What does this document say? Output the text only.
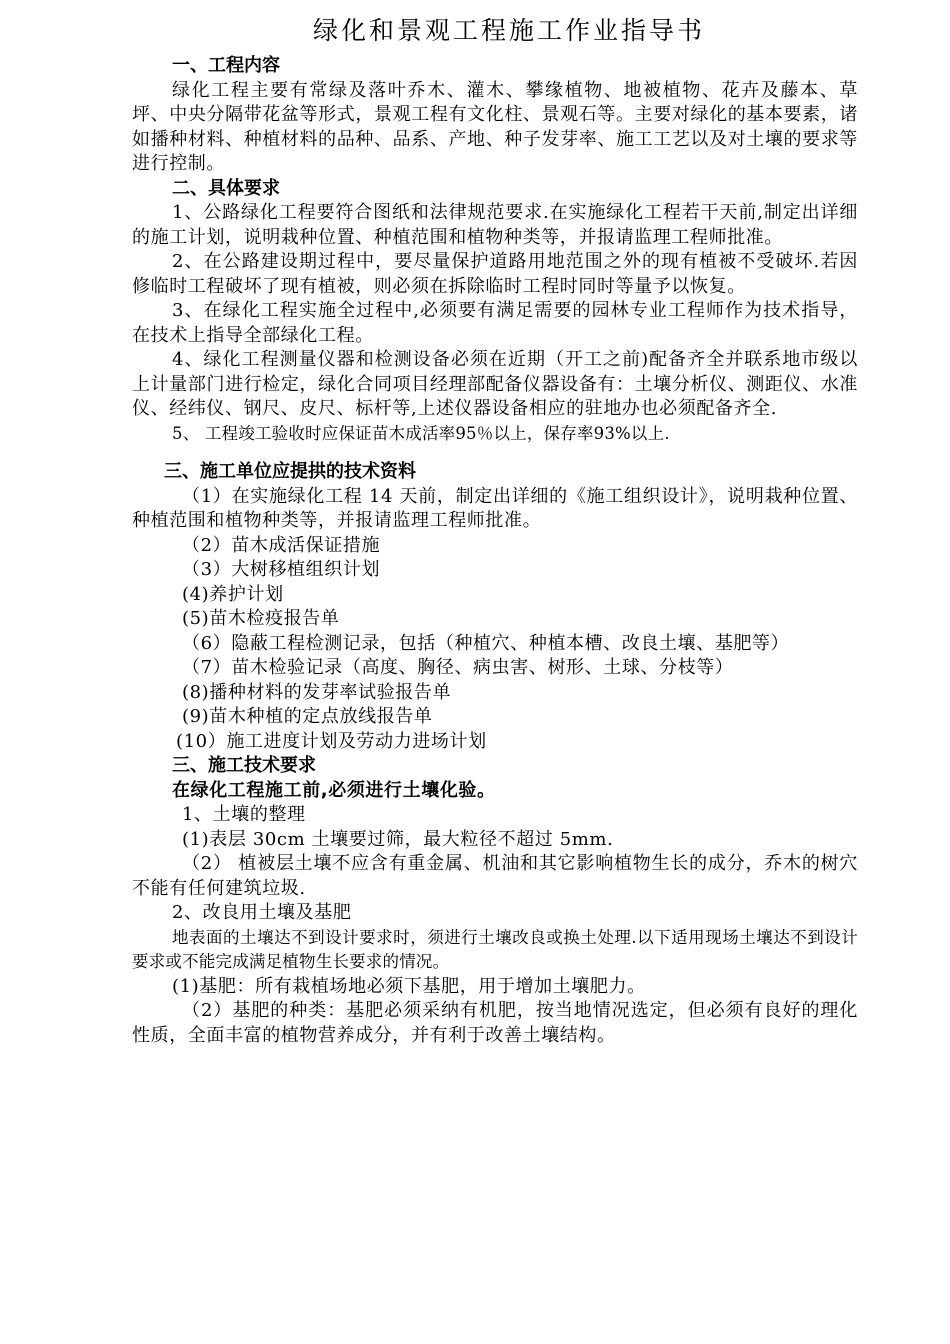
绿化和景观工程施工作业指导书
一、工程内容

绿化工程主要有常绿及落叶乔木、灌木、攀缘植物、地被植物、花卉及藤本、草坪、中央分隔带花盆等形式，景观工程有文化柱、景观石等。主要对绿化的基本要素，诸如播种材料、种植材料的品种、品系、产地、种子发芽率、施工工艺以及对土壤的要求等进行控制。

二、具体要求

1、公路绿化工程要符合图纸和法律规范要求.在实施绿化工程若干天前,制定出详细的施工计划，说明栽种位置、种植范围和植物种类等，并报请监理工程师批准。

2、在公路建设期过程中，要尽量保护道路用地范围之外的现有植被不受破坏.若因修临时工程破坏了现有植被，则必须在拆除临时工程时同时等量予以恢复。

3、在绿化工程实施全过程中,必须要有满足需要的园林专业工程师作为技术指导，在技术上指导全部绿化工程。

4、绿化工程测量仪器和检测设备必须在近期（开工之前)配备齐全并联系地市级以上计量部门进行检定，绿化合同项目经理部配备仪器设备有：土壤分析仪、测距仪、水准仪、经纬仪、钢尺、皮尺、标杆等,上述仪器设备相应的驻地办也必须配备齐全.

5、 工程竣工验收时应保证苗木成活率95％以上，保存率93%以上.

三、施工单位应提拱的技术资料

（1）在实施绿化工程 14 天前，制定出详细的《施工组织设计》，说明栽种位置、种植范围和植物种类等，并报请监理工程师批准。

（2）苗木成活保证措施

（3）大树移植组织计划

(4)养护计划

(5)苗木检疫报告单

（6）隐蔽工程检测记录，包括（种植穴、种植本槽、改良土壤、基肥等）

（7）苗木检验记录（高度、胸径、病虫害、树形、土球、分枝等）

(8)播种材料的发芽率试验报告单

(9)苗木种植的定点放线报告单

(10）施工进度计划及劳动力进场计划

三、施工技术要求

在绿化工程施工前,必须进行土壤化验。

1、土壤的整理

(1)表层 30cm 土壤要过筛，最大粒径不超过 5mm.

（2） 植被层土壤不应含有重金属、机油和其它影响植物生长的成分，乔木的树穴不能有任何建筑垃圾.

2、改良用土壤及基肥

地表面的土壤达不到设计要求时，须进行土壤改良或换土处理.以下适用现场土壤达不到设计要求或不能完成满足植物生长要求的情况。

(1)基肥：所有栽植场地必须下基肥，用于增加土壤肥力。

（2）基肥的种类：基肥必须采纳有机肥，按当地情况选定，但必须有良好的理化性质，全面丰富的植物营养成分，并有利于改善土壤结构。
